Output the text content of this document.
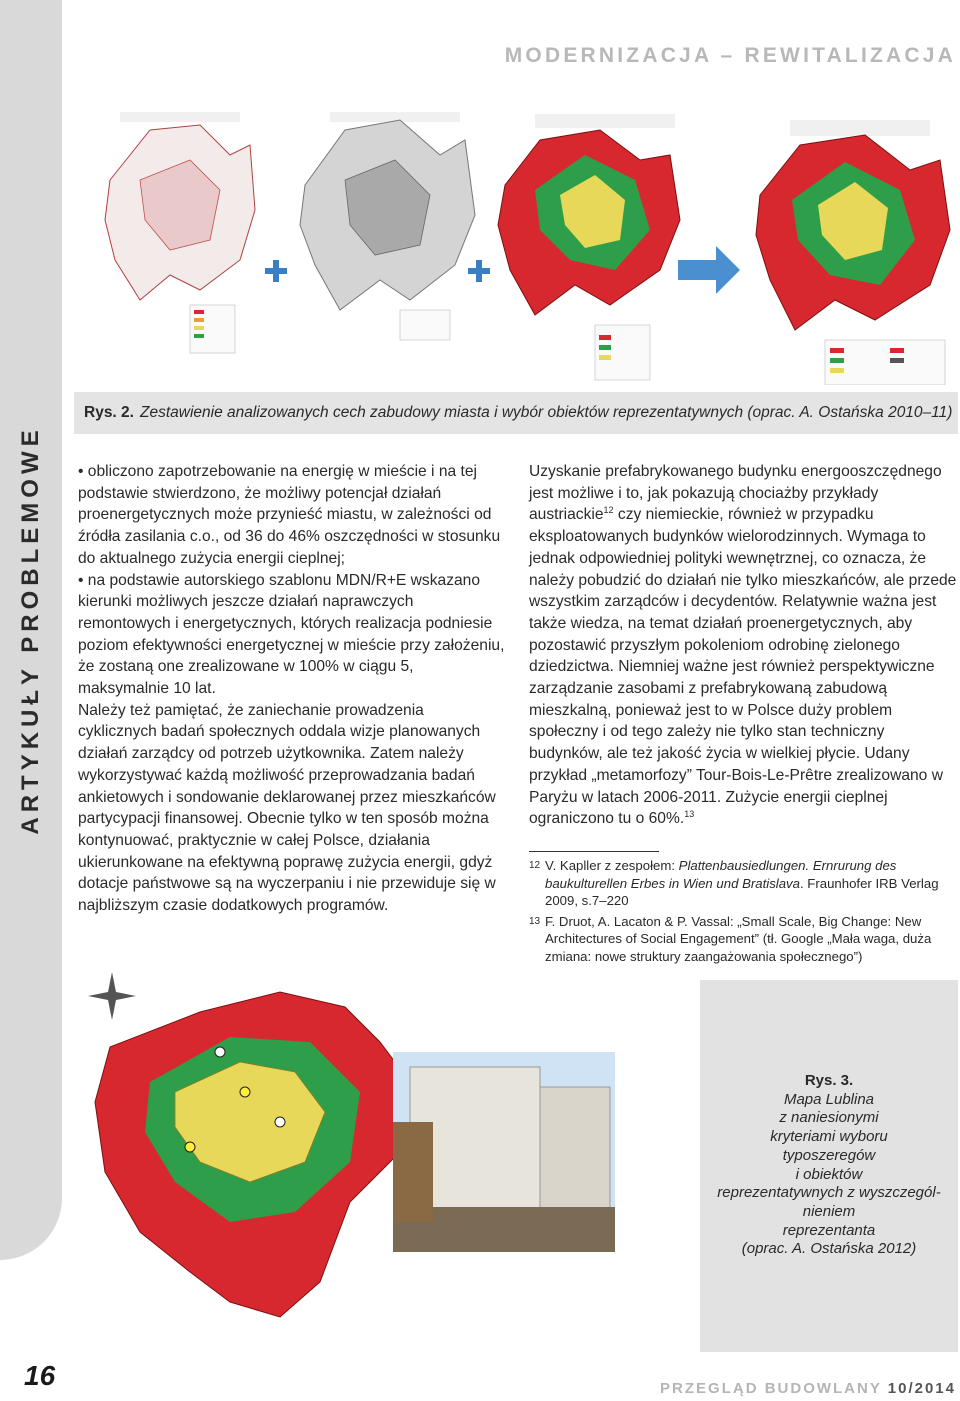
ARTYKUŁY PROBLEMOWE
MODERNIZACJA – REWITALIZACJA
Rys. 2. Zestawienie analizowanych cech zabudowy miasta i wybór obiektów reprezentatywnych (oprac. A. Ostańska 2010–11)

• obliczono zapotrzebowanie na energię w mieście i na tej podstawie stwierdzono, że możliwy potencjał działań proenergetycznych może przynieść miastu, w zależności od źródła zasilania c.o., od 36 do 46% oszczędności w stosunku do aktualnego zużycia energii cieplnej;

• na podstawie autorskiego szablonu MDN/R+E wskazano kierunki możliwych jeszcze działań naprawczych remontowych i energetycznych, których realizacja podniesie poziom efektywności energetycznej w mieście przy założeniu, że zostaną one zrealizowane w 100% w ciągu 5, maksymalnie 10 lat.

Należy też pamiętać, że zaniechanie prowadzenia cyklicznych badań społecznych oddala wizje planowanych działań zarządcy od potrzeb użytkownika. Zatem należy wykorzystywać każdą możliwość przeprowadzania badań ankietowych i sondowanie deklarowanej przez mieszkańców partycypacji finansowej. Obecnie tylko w ten sposób można kontynuować, praktycznie w całej Polsce, działania ukierunkowane na efektywną poprawę zużycia energii, gdyż dotacje państwowe są na wyczerpaniu i nie przewiduje się w najbliższym czasie dodatkowych programów.

Uzyskanie prefabrykowanego budynku energooszczędnego jest możliwe i to, jak pokazują chociażby przykłady austriackie$^{12}$ czy niemieckie, również w przypadku eksploatowanych budynków wielorodzinnych. Wymaga to jednak odpowiedniej polityki wewnętrznej, co oznacza, że należy pobudzić do działań nie tylko mieszkańców, ale przede wszystkim zarządców i decydentów. Relatywnie ważna jest także wiedza, na temat działań proenergetycznych, aby pozostawić przyszłym pokoleniom odrobinę zielonego dziedzictwa. Niemniej ważne jest również perspektywiczne zarządzanie zasobami z prefabrykowaną zabudową mieszkalną, ponieważ jest to w Polsce duży problem społeczny i od tego zależy nie tylko stan techniczny budynków, ale też jakość życia w wielkiej płycie. Udany przykład „metamorfozy” Tour-Bois-Le-Prêtre zrealizowano w Paryżu w latach 2006-2011. Zużycie energii cieplnej ograniczono tu o 60%.$^{13}$

12 V. Kapller z zespołem: Plattenbausiedlungen. Ernrurung des baukulturellen Erbes in Wien und Bratislava. Fraunhofer IRB Verlag 2009, s.7–220
13 F. Druot, A. Lacaton & P. Vassal: „Small Scale, Big Change: New Architectures of Social Engagement” (tł. Google „Mała waga, duża zmiana: nowe struktury zaangażowania społecznego”)
Rys. 3.
Mapa Lublina
z naniesionymi
kryteriami wyboru
typoszeregów
i obiektów
reprezentatywnych z wyszczegól-
nieniem
reprezentanta
(oprac. A. Ostańska 2012)
16	PRZEGLĄD BUDOWLANY 10/2014
